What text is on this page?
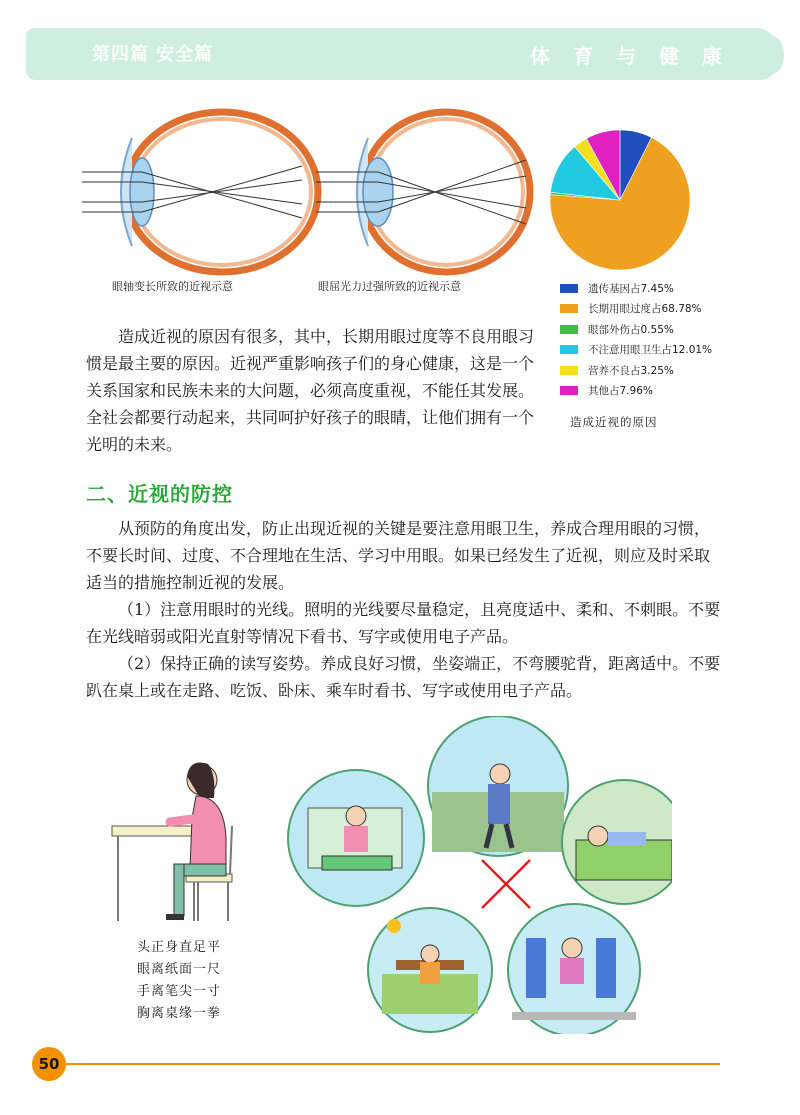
第四篇 安全篇	体 育 与 健 康
眼轴变长所致的近视示意	眼屈光力过强所致的近视示意	遗传基因占7.45%
长期用眼过度占68.78%
眼部外伤占0.55%
不注意用眼卫生占12.01%
营养不良占3.25%
其他占7.96%
造成近视的原因
造成近视的原因有很多，其中，长期用眼过度等不良用眼习惯是最主要的原因。近视严重影响孩子们的身心健康，这是一个关系国家和民族未来的大问题，必须高度重视，不能任其发展。全社会都要行动起来，共同呵护好孩子的眼睛，让他们拥有一个光明的未来。
二、近视的防控
从预防的角度出发，防止出现近视的关键是要注意用眼卫生，养成合理用眼的习惯，不要长时间、过度、不合理地在生活、学习中用眼。如果已经发生了近视，则应及时采取适当的措施控制近视的发展。
（1）注意用眼时的光线。照明的光线要尽量稳定，且亮度适中、柔和、不刺眼。不要在光线暗弱或阳光直射等情况下看书、写字或使用电子产品。
（2）保持正确的读写姿势。养成良好习惯，坐姿端正，不弯腰驼背，距离适中。不要趴在桌上或在走路、吃饭、卧床、乘车时看书、写字或使用电子产品。
头正身直足平
眼离纸面一尺
手离笔尖一寸
胸离桌缘一拳
50
